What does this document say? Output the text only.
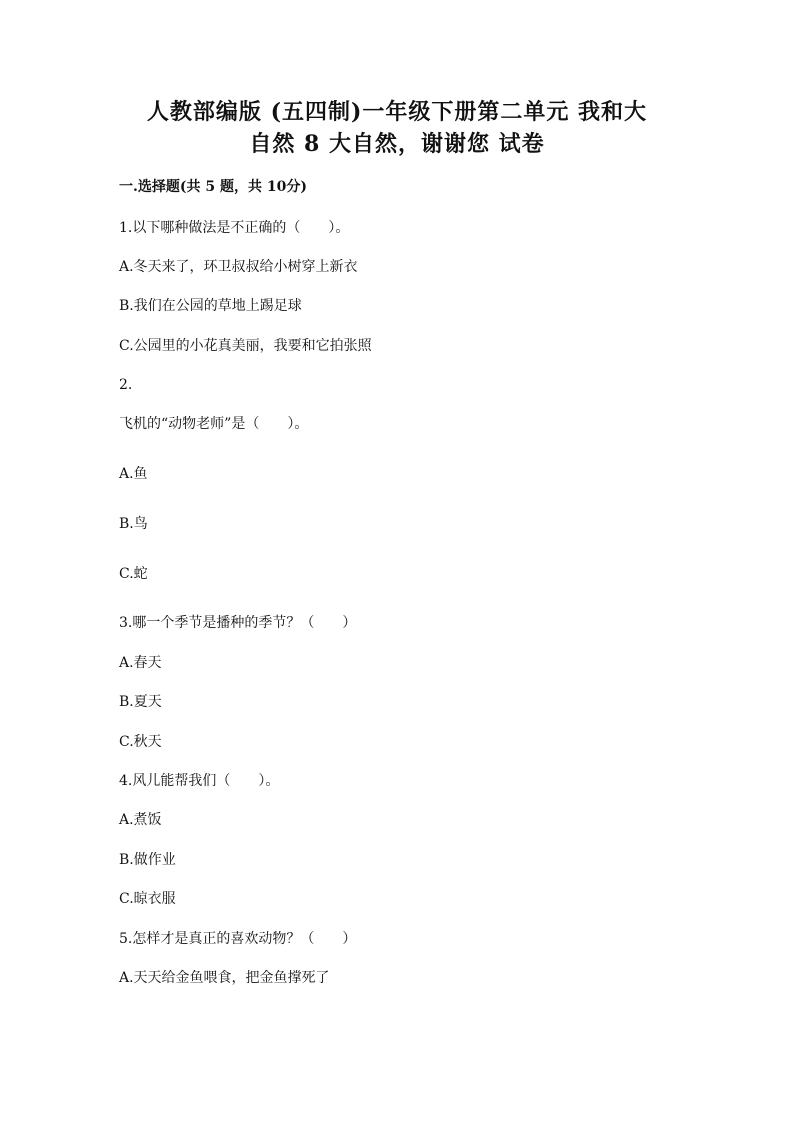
人教部编版 (五四制)一年级下册第二单元 我和大
自然 8 大自然，谢谢您 试卷
一.选择题(共 5 题，共 10分)
1.以下哪种做法是不正确的（　　）。
A.冬天来了，环卫叔叔给小树穿上新衣
B.我们在公园的草地上踢足球
C.公园里的小花真美丽，我要和它拍张照
2.
飞机的“动物老师”是（　　）。
A.鱼
B.鸟
C.蛇
3.哪一个季节是播种的季节？（　　）
A.春天
B.夏天
C.秋天
4.风儿能帮我们（　　）。
A.煮饭
B.做作业
C.晾衣服
5.怎样才是真正的喜欢动物？（　　）
A.天天给金鱼喂食，把金鱼撑死了
